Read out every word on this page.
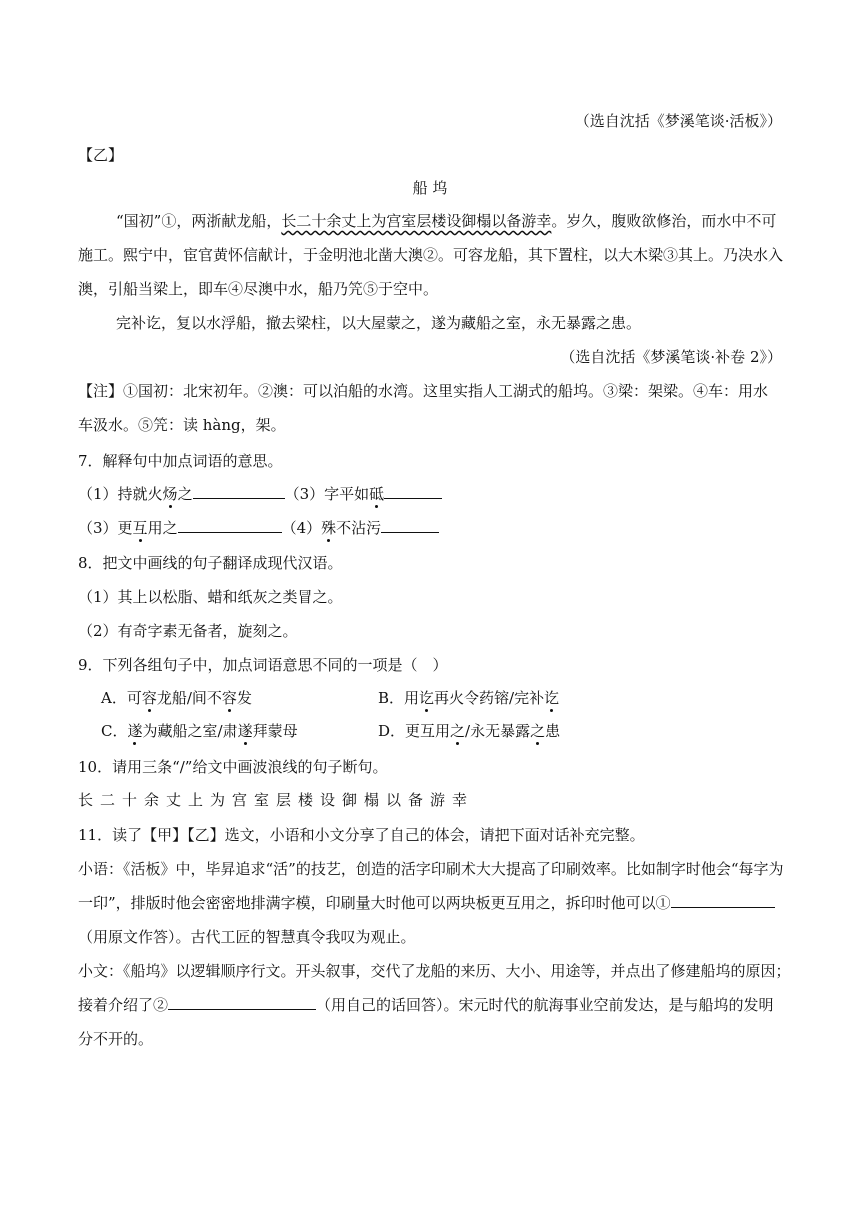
（选自沈括《梦溪笔谈·活板》）
【乙】
船 坞
“国初”①，两浙献龙船，长二十余丈上为宫室层楼设御榻以备游幸。岁久，腹败欲修治，而水中不可
施工。熙宁中，宦官黄怀信献计，于金明池北凿大澳②。可容龙船，其下置柱，以大木梁③其上。乃决水入
澳，引船当梁上，即车④尽澳中水，船乃笐⑤于空中。
完补讫，复以水浮船，撤去梁柱，以大屋蒙之，遂为藏船之室，永无暴露之患。
（选自沈括《梦溪笔谈·补卷 2》）
【注】①国初：北宋初年。②澳：可以泊船的水湾。这里实指人工湖式的船坞。③梁：架梁。④车：用水
车汲水。⑤笐：读 hàng，架。
7．解释句中加点词语的意思。
（1）持就火炀之	（3）字平如砥
（3）更互用之	（4）殊不沾污
8．把文中画线的句子翻译成现代汉语。
（1）其上以松脂、蜡和纸灰之类冒之。
（2）有奇字素无备者，旋刻之。
9．下列各组句子中，加点词语意思不同的一项是（　）
A．可容龙船/间不容发	B．用讫再火令药镕/完补讫
C．遂为藏船之室/肃遂拜蒙母	D．更互用之/永无暴露之患
10．请用三条“/”给文中画波浪线的句子断句。
长二十余丈上为宫室层楼设御榻以备游幸
11．读了【甲】【乙】选文，小语和小文分享了自己的体会，请把下面对话补充完整。
小语：《活板》中，毕昇追求“活”的技艺，创造的活字印刷术大大提高了印刷效率。比如制字时他会“每字为
一印”，排版时他会密密地排满字模，印刷量大时他可以两块板更互用之，拆印时他可以①
（用原文作答）。古代工匠的智慧真令我叹为观止。
小文：《船坞》以逻辑顺序行文。开头叙事，交代了龙船的来历、大小、用途等，并点出了修建船坞的原因；
接着介绍了②	（用自己的话回答）。宋元时代的航海事业空前发达，是与船坞的发明
分不开的。
